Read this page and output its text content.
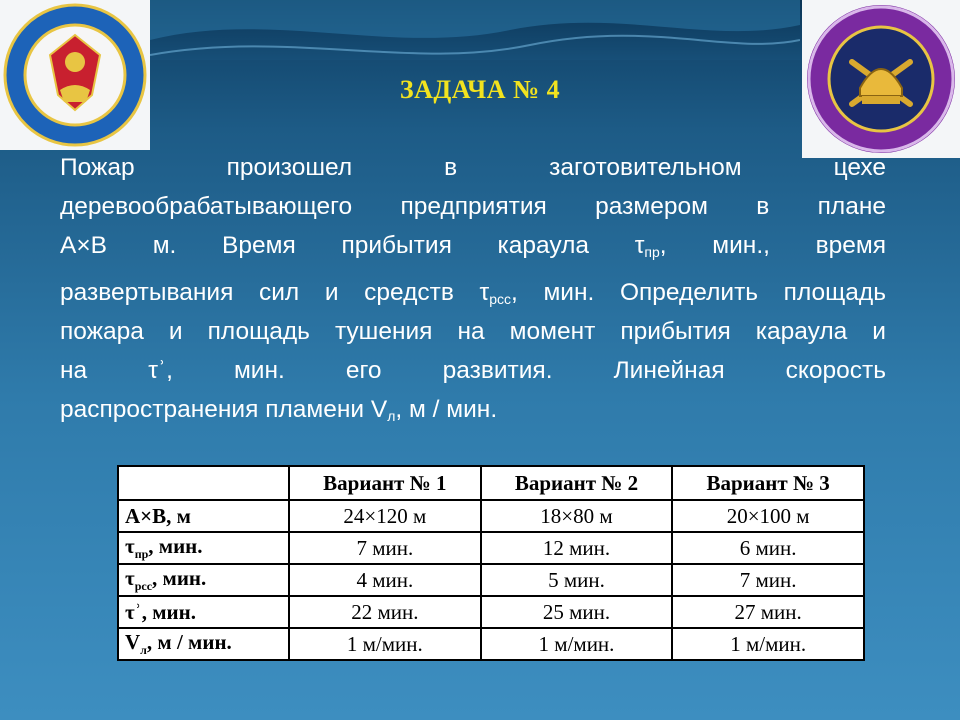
ЗАДАЧА № 4
Пожар	произошел	в	заготовительном	цехе
деревообрабатывающего предприятия размером в плане
А×В м. Время прибытия караула $\tau_{пр}$, мин., время
развертывания сил и средств $\tau_{рсс}$, мин. Определить площадь
пожара и площадь тушения на момент прибытия караула и
на τʾ, мин. его развития. Линейная скорость
распространения пламени $V_л$, м / мин.
	Вариант № 1	Вариант № 2	Вариант № 3
А×В, м	24×120 м	18×80 м	20×100 м
$\tau_{пр}$, мин.	7 мин.	12 мин.	6 мин.
$\tau_{рсс}$, мин.	4 мин.	5 мин.	7 мин.
τʾ, мин.	22 мин.	25 мин.	27 мин.
$V_л$, м / мин.	1 м/мин.	1 м/мин.	1 м/мин.
